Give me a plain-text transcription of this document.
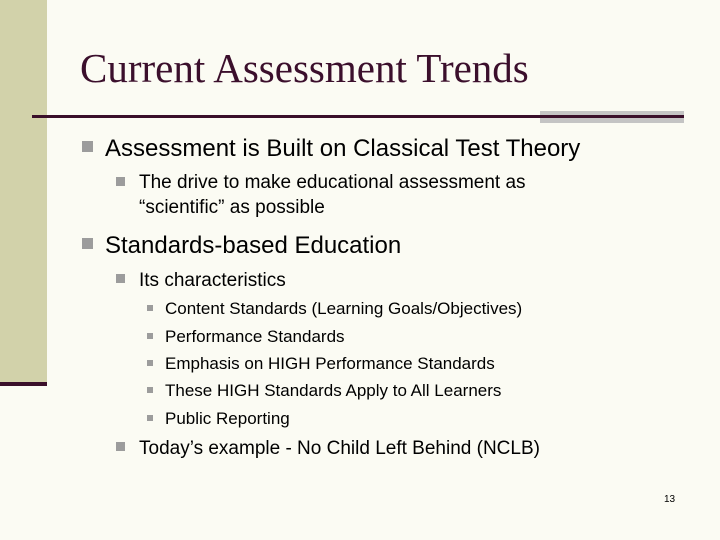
Current Assessment Trends
Assessment is Built on Classical Test Theory
The drive to make educational assessment as “scientific” as possible
Standards-based Education
Its characteristics
Content Standards (Learning Goals/Objectives)
Performance Standards
Emphasis on HIGH Performance Standards
These HIGH Standards Apply to All Learners
Public Reporting
Today’s example - No Child Left Behind (NCLB)
13
